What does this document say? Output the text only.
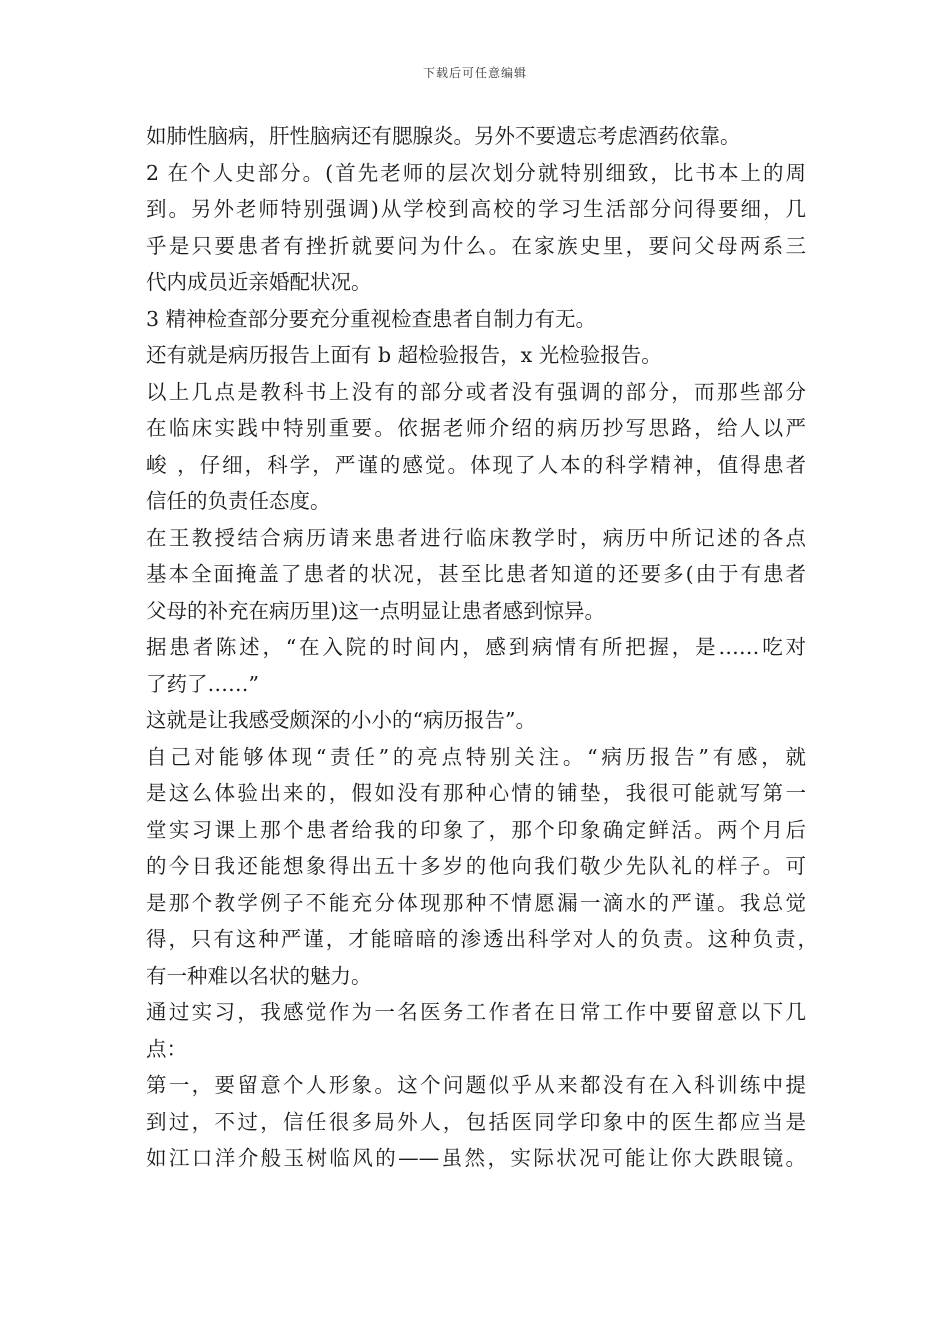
下载后可任意编辑
如肺性脑病，肝性脑病还有腮腺炎。另外不要遗忘考虑酒药依靠。
2 在个人史部分。(首先老师的层次划分就特别细致，比书本上的周
到。另外老师特别强调)从学校到高校的学习生活部分问得要细，几
乎是只要患者有挫折就要问为什么。在家族史里，要问父母两系三
代内成员近亲婚配状况。
3 精神检查部分要充分重视检查患者自制力有无。
还有就是病历报告上面有 b 超检验报告，x 光检验报告。
以上几点是教科书上没有的部分或者没有强调的部分，而那些部分
在临床实践中特别重要。依据老师介绍的病历抄写思路，给人以严
峻 ，仔细，科学，严谨的感觉。体现了人本的科学精神，值得患者
信任的负责任态度。
在王教授结合病历请来患者进行临床教学时，病历中所记述的各点
基本全面掩盖了患者的状况，甚至比患者知道的还要多(由于有患者
父母的补充在病历里)这一点明显让患者感到惊异。
据患者陈述，“在入院的时间内，感到病情有所把握，是……吃对
了药了……”
这就是让我感受颇深的小小的“病历报告”。
自己对能够体现“责任”的亮点特别关注。“病历报告”有感，就
是这么体验出来的，假如没有那种心情的铺垫，我很可能就写第一
堂实习课上那个患者给我的印象了，那个印象确定鲜活。两个月后
的今日我还能想象得出五十多岁的他向我们敬少先队礼的样子。可
是那个教学例子不能充分体现那种不情愿漏一滴水的严谨。我总觉
得，只有这种严谨，才能暗暗的渗透出科学对人的负责。这种负责，
有一种难以名状的魅力。
通过实习，我感觉作为一名医务工作者在日常工作中要留意以下几
点：
第一，要留意个人形象。这个问题似乎从来都没有在入科训练中提
到过，不过，信任很多局外人，包括医同学印象中的医生都应当是
如江口洋介般玉树临风的——虽然，实际状况可能让你大跌眼镜。
